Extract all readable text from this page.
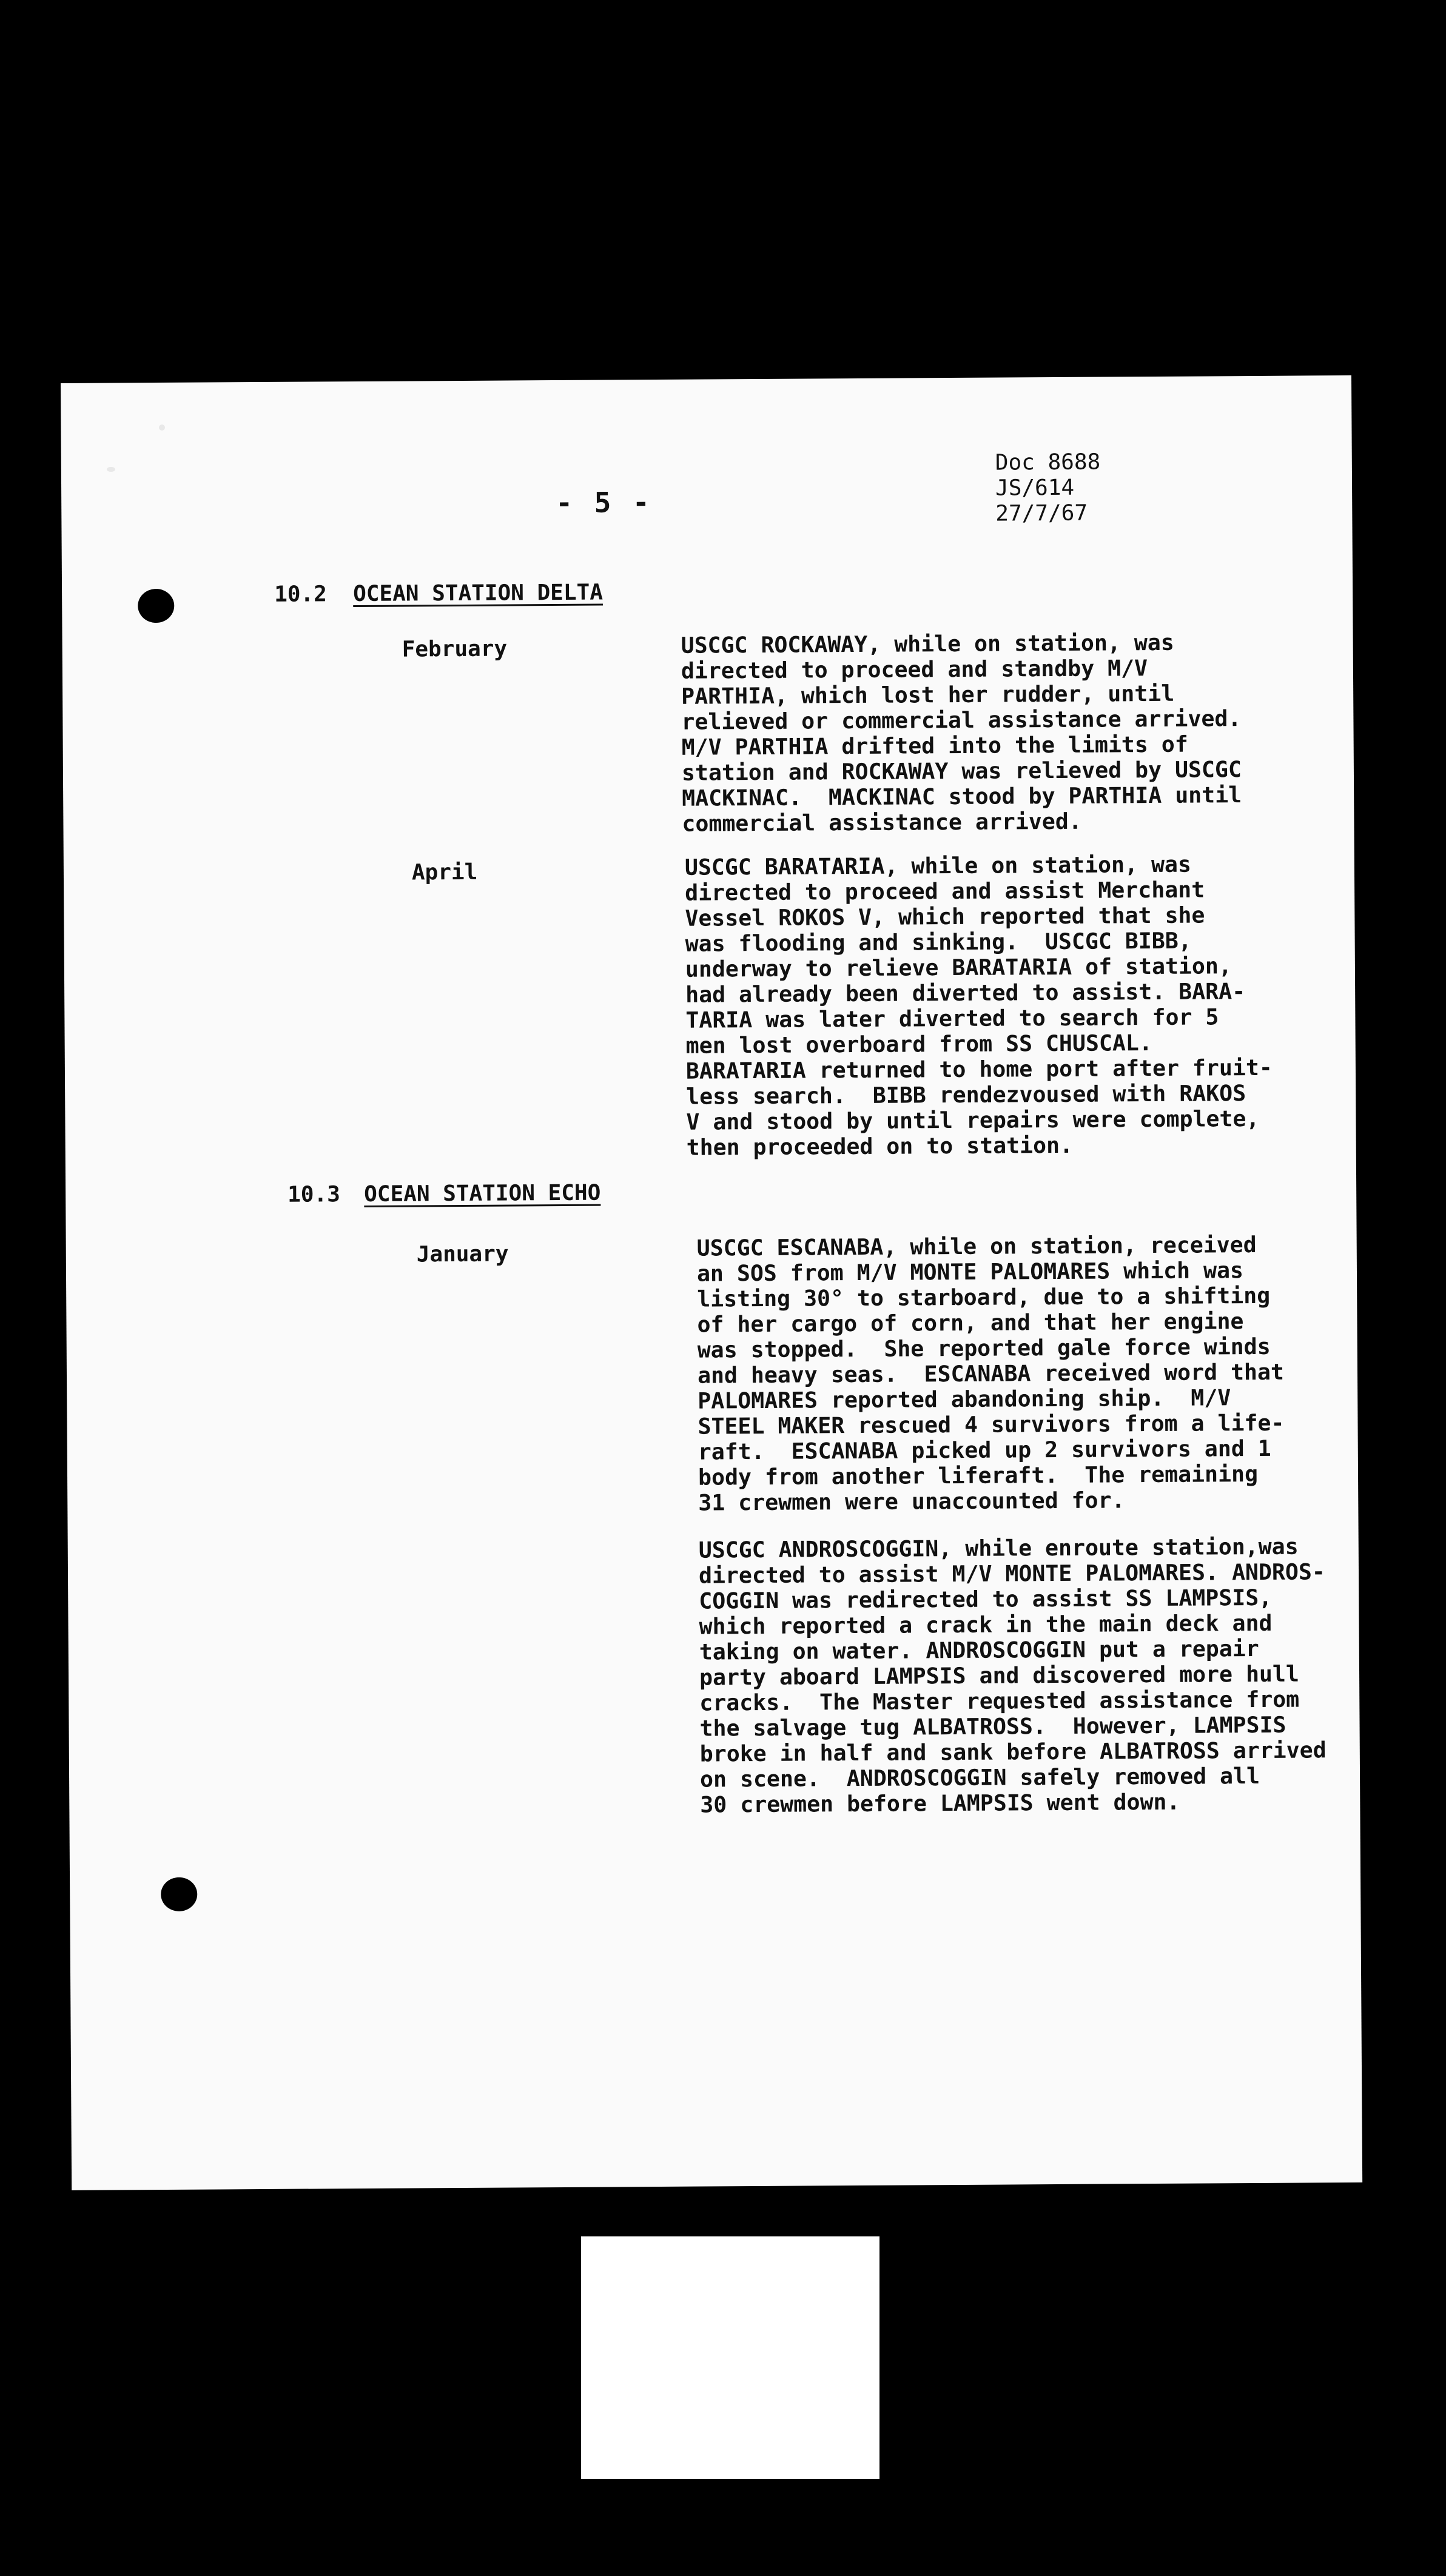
- 5 -
Doc 8688
JS/614
27/7/67
10.2 OCEAN STATION DELTA
February	USCGC ROCKAWAY, while on station, was
directed to proceed and standby M/V
PARTHIA, which lost her rudder, until
relieved or commercial assistance arrived.
M/V PARTHIA drifted into the limits of
station and ROCKAWAY was relieved by USCGC
MACKINAC.  MACKINAC stood by PARTHIA until
commercial assistance arrived.
April	USCGC BARATARIA, while on station, was
directed to proceed and assist Merchant
Vessel ROKOS V, which reported that she
was flooding and sinking.  USCGC BIBB,
underway to relieve BARATARIA of station,
had already been diverted to assist. BARA-
TARIA was later diverted to search for 5
men lost overboard from SS CHUSCAL.
BARATARIA returned to home port after fruit-
less search.  BIBB rendezvoused with RAKOS
V and stood by until repairs were complete,
then proceeded on to station.
10.3 OCEAN STATION ECHO
January	USCGC ESCANABA, while on station, received
an SOS from M/V MONTE PALOMARES which was
listing 30° to starboard, due to a shifting
of her cargo of corn, and that her engine
was stopped.  She reported gale force winds
and heavy seas.  ESCANABA received word that
PALOMARES reported abandoning ship.  M/V
STEEL MAKER rescued 4 survivors from a life-
raft.  ESCANABA picked up 2 survivors and 1
body from another liferaft.  The remaining
31 crewmen were unaccounted for.
USCGC ANDROSCOGGIN, while enroute station,was
directed to assist M/V MONTE PALOMARES. ANDROS-
COGGIN was redirected to assist SS LAMPSIS,
which reported a crack in the main deck and
taking on water. ANDROSCOGGIN put a repair
party aboard LAMPSIS and discovered more hull
cracks.  The Master requested assistance from
the salvage tug ALBATROSS.  However, LAMPSIS
broke in half and sank before ALBATROSS arrived
on scene.  ANDROSCOGGIN safely removed all
30 crewmen before LAMPSIS went down.
